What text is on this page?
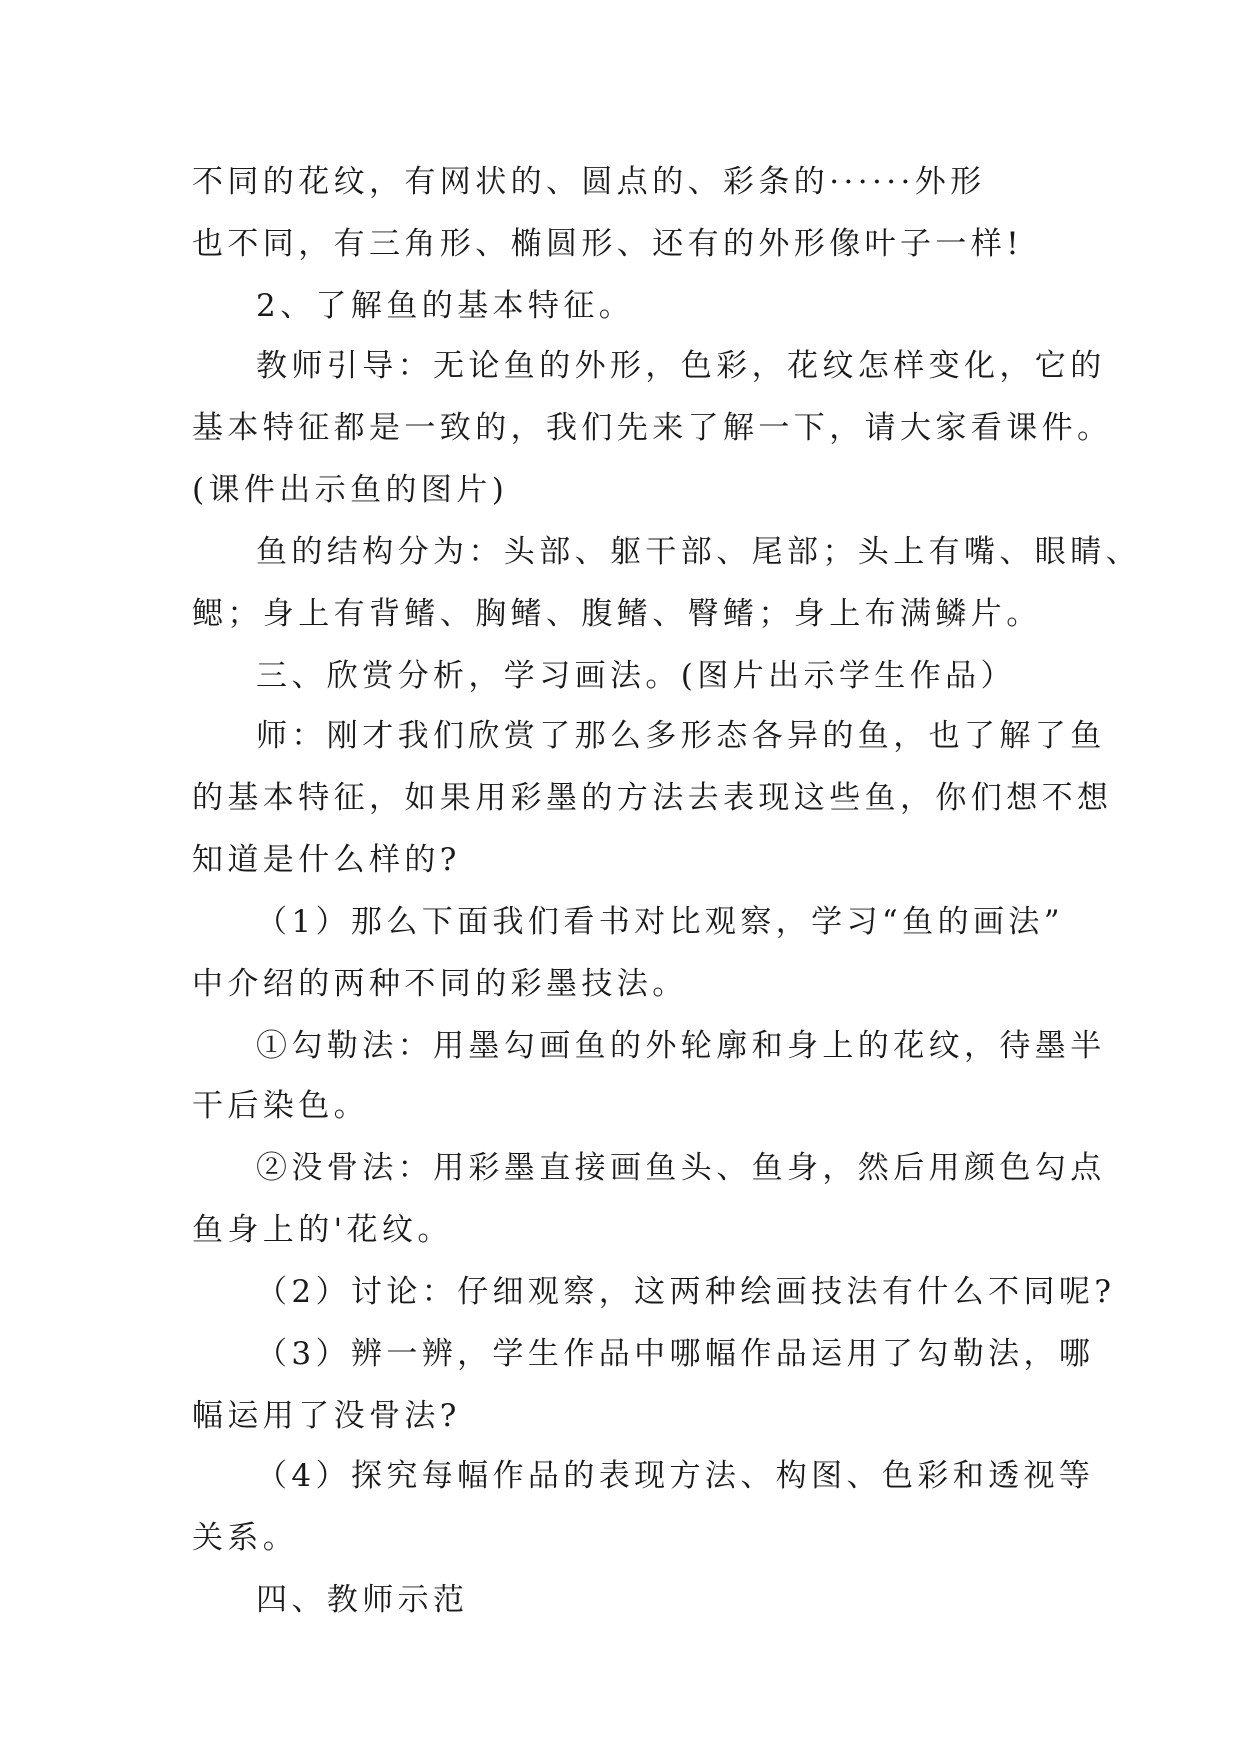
不同的花纹，有网状的、圆点的、彩条的······外形
也不同，有三角形、椭圆形、还有的外形像叶子一样!
2、了解鱼的基本特征。
教师引导：无论鱼的外形，色彩，花纹怎样变化，它的
基本特征都是一致的，我们先来了解一下，请大家看课件。
(课件出示鱼的图片)
鱼的结构分为：头部、躯干部、尾部；头上有嘴、眼睛、
鳃；身上有背鳍、胸鳍、腹鳍、臀鳍；身上布满鳞片。
三、欣赏分析，学习画法。(图片出示学生作品）
师：刚才我们欣赏了那么多形态各异的鱼，也了解了鱼
的基本特征，如果用彩墨的方法去表现这些鱼，你们想不想
知道是什么样的?
（1）那么下面我们看书对比观察，学习“鱼的画法”
中介绍的两种不同的彩墨技法。
①勾勒法：用墨勾画鱼的外轮廓和身上的花纹，待墨半
干后染色。
②没骨法：用彩墨直接画鱼头、鱼身，然后用颜色勾点
鱼身上的'花纹。
（2）讨论：仔细观察，这两种绘画技法有什么不同呢?
（3）辨一辨，学生作品中哪幅作品运用了勾勒法，哪
幅运用了没骨法?
（4）探究每幅作品的表现方法、构图、色彩和透视等
关系。
四、教师示范
